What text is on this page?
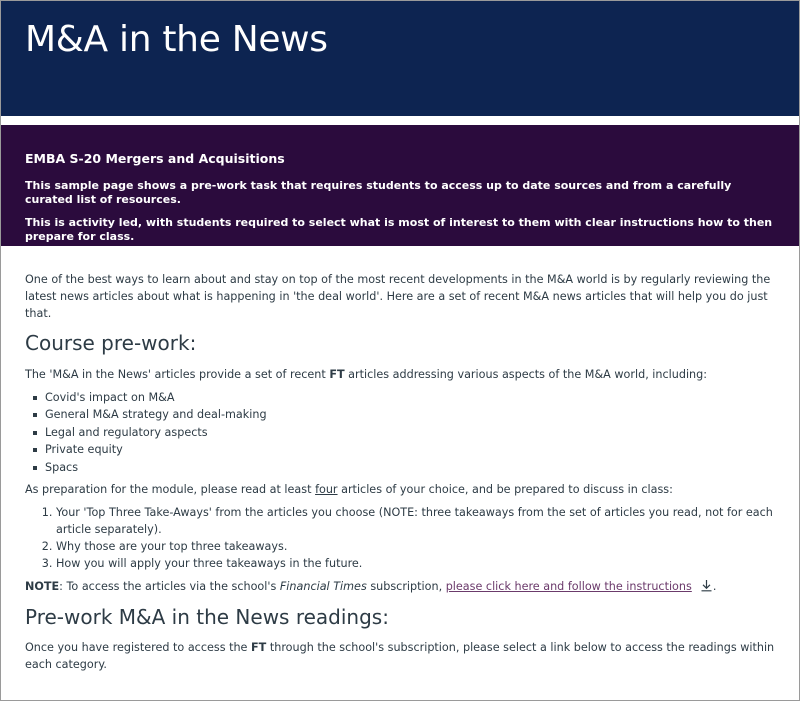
M&A in the News
EMBA S-20 Mergers and Acquisitions

This sample page shows a pre-work task that requires students to access up to date sources and from a carefully curated list of resources.

This is activity led, with students required to select what is most of interest to them with clear instructions how to then prepare for class.

One of the best ways to learn about and stay on top of the most recent developments in the M&A world is by regularly reviewing the latest news articles about what is happening in 'the deal world'. Here are a set of recent M&A news articles that will help you do just that.

Course pre-work:

The 'M&A in the News' articles provide a set of recent FT articles addressing various aspects of the M&A world, including:

Covid's impact on M&A
General M&A strategy and deal-making
Legal and regulatory aspects
Private equity
Spacs

As preparation for the module, please read at least four articles of your choice, and be prepared to discuss in class:

1. Your 'Top Three Take-Aways' from the articles you choose (NOTE: three takeaways from the set of articles you read, not for each article separately).
2. Why those are your top three takeaways.
3. How you will apply your three takeaways in the future.

NOTE: To access the articles via the school's Financial Times subscription, please click here and follow the instructions .

Pre-work M&A in the News readings:

Once you have registered to access the FT through the school's subscription, please select a link below to access the readings within each category.
